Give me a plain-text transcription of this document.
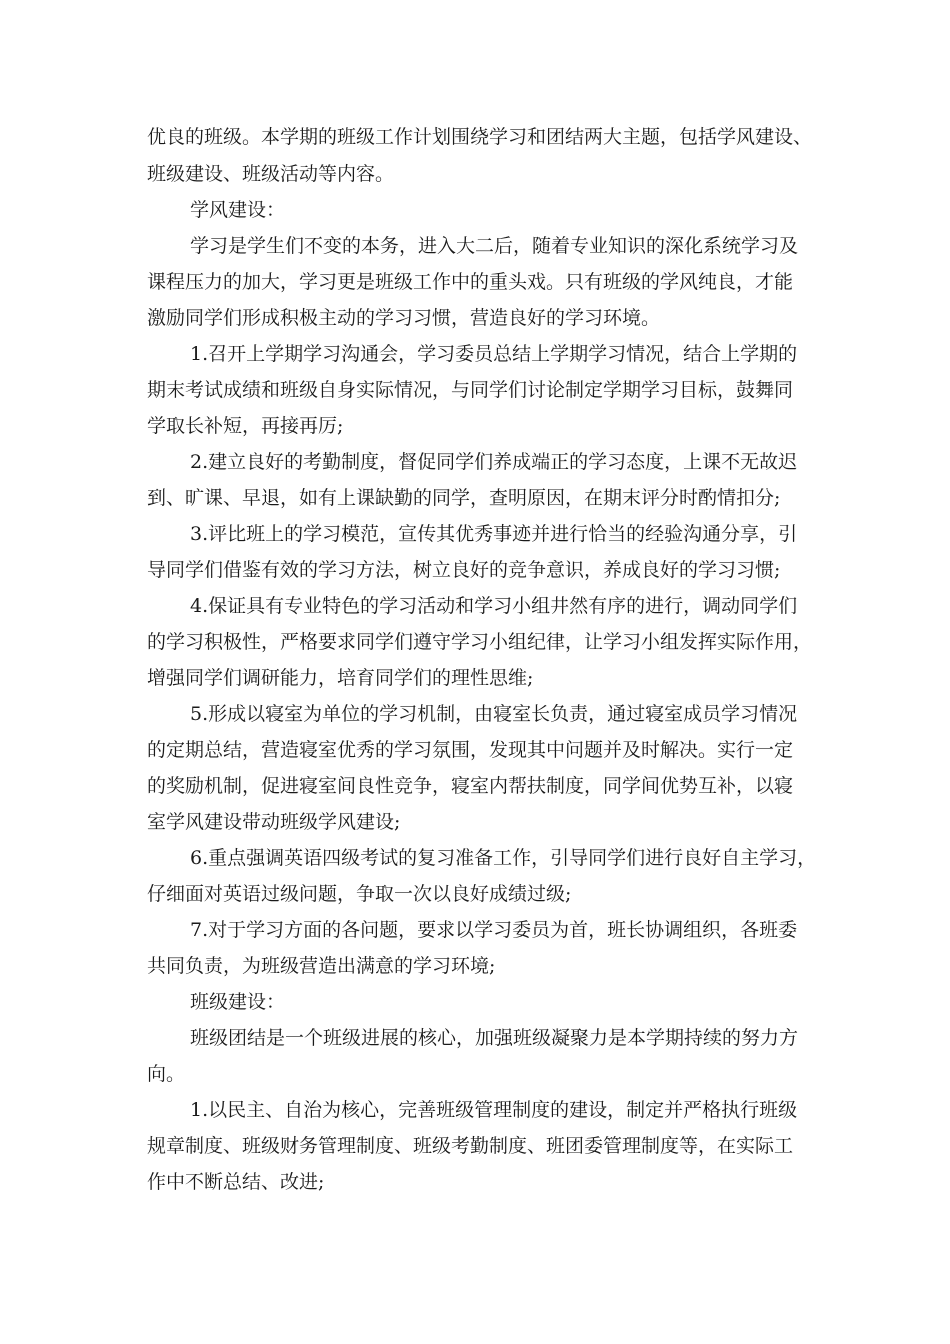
优良的班级。本学期的班级工作计划围绕学习和团结两大主题，包括学风建设、
班级建设、班级活动等内容。
学风建设：
学习是学生们不变的本务，进入大二后，随着专业知识的深化系统学习及
课程压力的加大，学习更是班级工作中的重头戏。只有班级的学风纯良，才能
激励同学们形成积极主动的学习习惯，营造良好的学习环境。
1.召开上学期学习沟通会，学习委员总结上学期学习情况，结合上学期的
期末考试成绩和班级自身实际情况，与同学们讨论制定学期学习目标，鼓舞同
学取长补短，再接再厉;
2.建立良好的考勤制度，督促同学们养成端正的学习态度，上课不无故迟
到、旷课、早退，如有上课缺勤的同学，查明原因，在期末评分时酌情扣分;
3.评比班上的学习模范，宣传其优秀事迹并进行恰当的经验沟通分享，引
导同学们借鉴有效的学习方法，树立良好的竞争意识，养成良好的学习习惯;
4.保证具有专业特色的学习活动和学习小组井然有序的进行，调动同学们
的学习积极性，严格要求同学们遵守学习小组纪律，让学习小组发挥实际作用，
增强同学们调研能力，培育同学们的理性思维;
5.形成以寝室为单位的学习机制，由寝室长负责，通过寝室成员学习情况
的定期总结，营造寝室优秀的学习氛围，发现其中问题并及时解决。实行一定
的奖励机制，促进寝室间良性竞争，寝室内帮扶制度，同学间优势互补，以寝
室学风建设带动班级学风建设;
6.重点强调英语四级考试的复习准备工作，引导同学们进行良好自主学习，
仔细面对英语过级问题，争取一次以良好成绩过级;
7.对于学习方面的各问题，要求以学习委员为首，班长协调组织，各班委
共同负责，为班级营造出满意的学习环境;
班级建设：
班级团结是一个班级进展的核心，加强班级凝聚力是本学期持续的努力方
向。
1.以民主、自治为核心，完善班级管理制度的建设，制定并严格执行班级
规章制度、班级财务管理制度、班级考勤制度、班团委管理制度等，在实际工
作中不断总结、改进;
